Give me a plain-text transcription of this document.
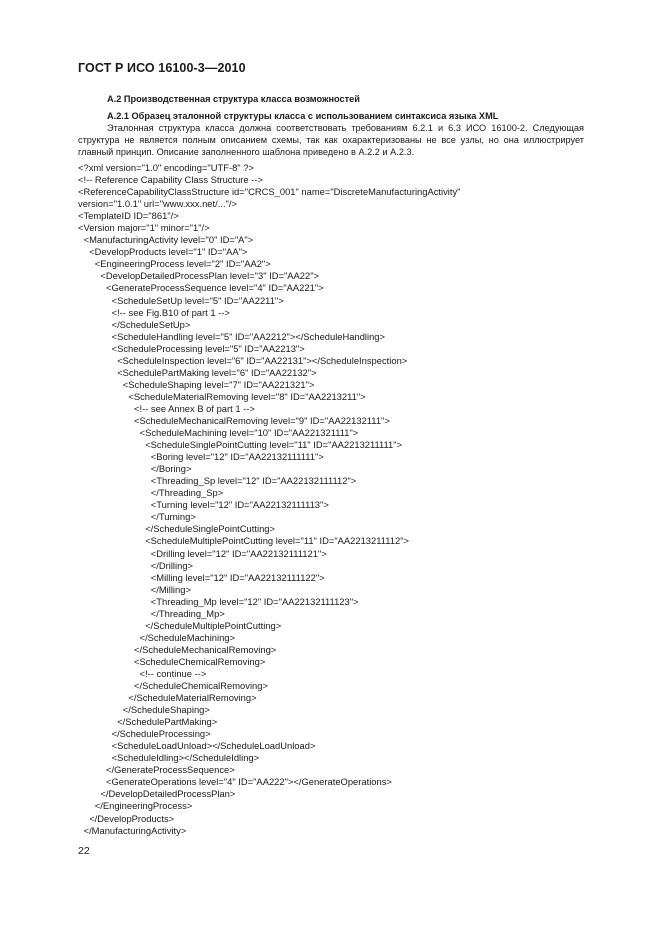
ГОСТ Р ИСО 16100-3—2010
А.2 Производственная структура класса возможностей
А.2.1 Образец эталонной структуры класса с использованием синтаксиса языка XML
Эталонная структура класса должна соответствовать требованиям 6.2.1 и 6.3 ИСО 16100-2. Следующая структура не является полным описанием схемы, так как охарактеризованы не все узлы, но она иллюстрирует главный принцип. Описание заполненного шаблона приведено в А.2.2 и А.2.3.
<?xml version="1.0" encoding="UTF-8" ?>
<!-- Reference Capability Class Structure -->
<ReferenceCapabilityClassStructure id="CRCS_001" name="DiscreteManufacturingActivity"
version="1.0.1" url="www.xxx.net/..."/>
<TemplateID ID="861"/>
<Version major="1" minor="1"/>
<ManufacturingActivity level="0" ID="A">
<DevelopProducts level="1" ID="AA">
<EngineeringProcess level="2" ID="AA2">
<DevelopDetailedProcessPlan level="3" ID="AA22">
<GenerateProcessSequence level="4" ID="AA221">
<ScheduleSetUp level="5" ID="AA2211">
<!-- see Fig.B10 of part 1 -->
</ScheduleSetUp>
<ScheduleHandling level="5" ID="AA2212"></ScheduleHandling>
<ScheduleProcessing level="5" ID="AA2213">
<ScheduleInspection level="6" ID="AA22131"></ScheduleInspection>
<SchedulePartMaking level="6" ID="AA22132">
<ScheduleShaping level="7" ID="AA221321">
<ScheduleMaterialRemoving level="8" ID="AA2213211">
<!-- see Annex B of part 1 -->
<ScheduleMechanicalRemoving level="9" ID="AA22132111">
<ScheduleMachining level="10" ID="AA221321111">
<ScheduleSinglePointCutting level="11" ID="AA2213211111">
<Boring level="12" ID="AA22132111111">
</Boring>
<Threading_Sp level="12" ID="AA22132111112">
</Threading_Sp>
<Turning level="12" ID="AA22132111113">
</Turning>
</ScheduleSinglePointCutting>
<ScheduleMultiplePointCutting level="11" ID="AA2213211112">
<Drilling level="12" ID="AA22132111121">
</Drilling>
<Milling level="12" ID="AA22132111122">
</Milling>
<Threading_Mp level="12" ID="AA22132111123">
</Threading_Mp>
</ScheduleMultiplePointCutting>
</ScheduleMachining>
</ScheduleMechanicalRemoving>
<ScheduleChemicalRemoving>
<!-- continue -->
</ScheduleChemicalRemoving>
</ScheduleMaterialRemoving>
</ScheduleShaping>
</SchedulePartMaking>
</ScheduleProcessing>
<ScheduleLoadUnload></ScheduleLoadUnload>
<ScheduleIdling></ScheduleIdling>
</GenerateProcessSequence>
<GenerateOperations level="4" ID="AA222"></GenerateOperations>
</DevelopDetailedProcessPlan>
</EngineeringProcess>
</DevelopProducts>
</ManufacturingActivity>
22
